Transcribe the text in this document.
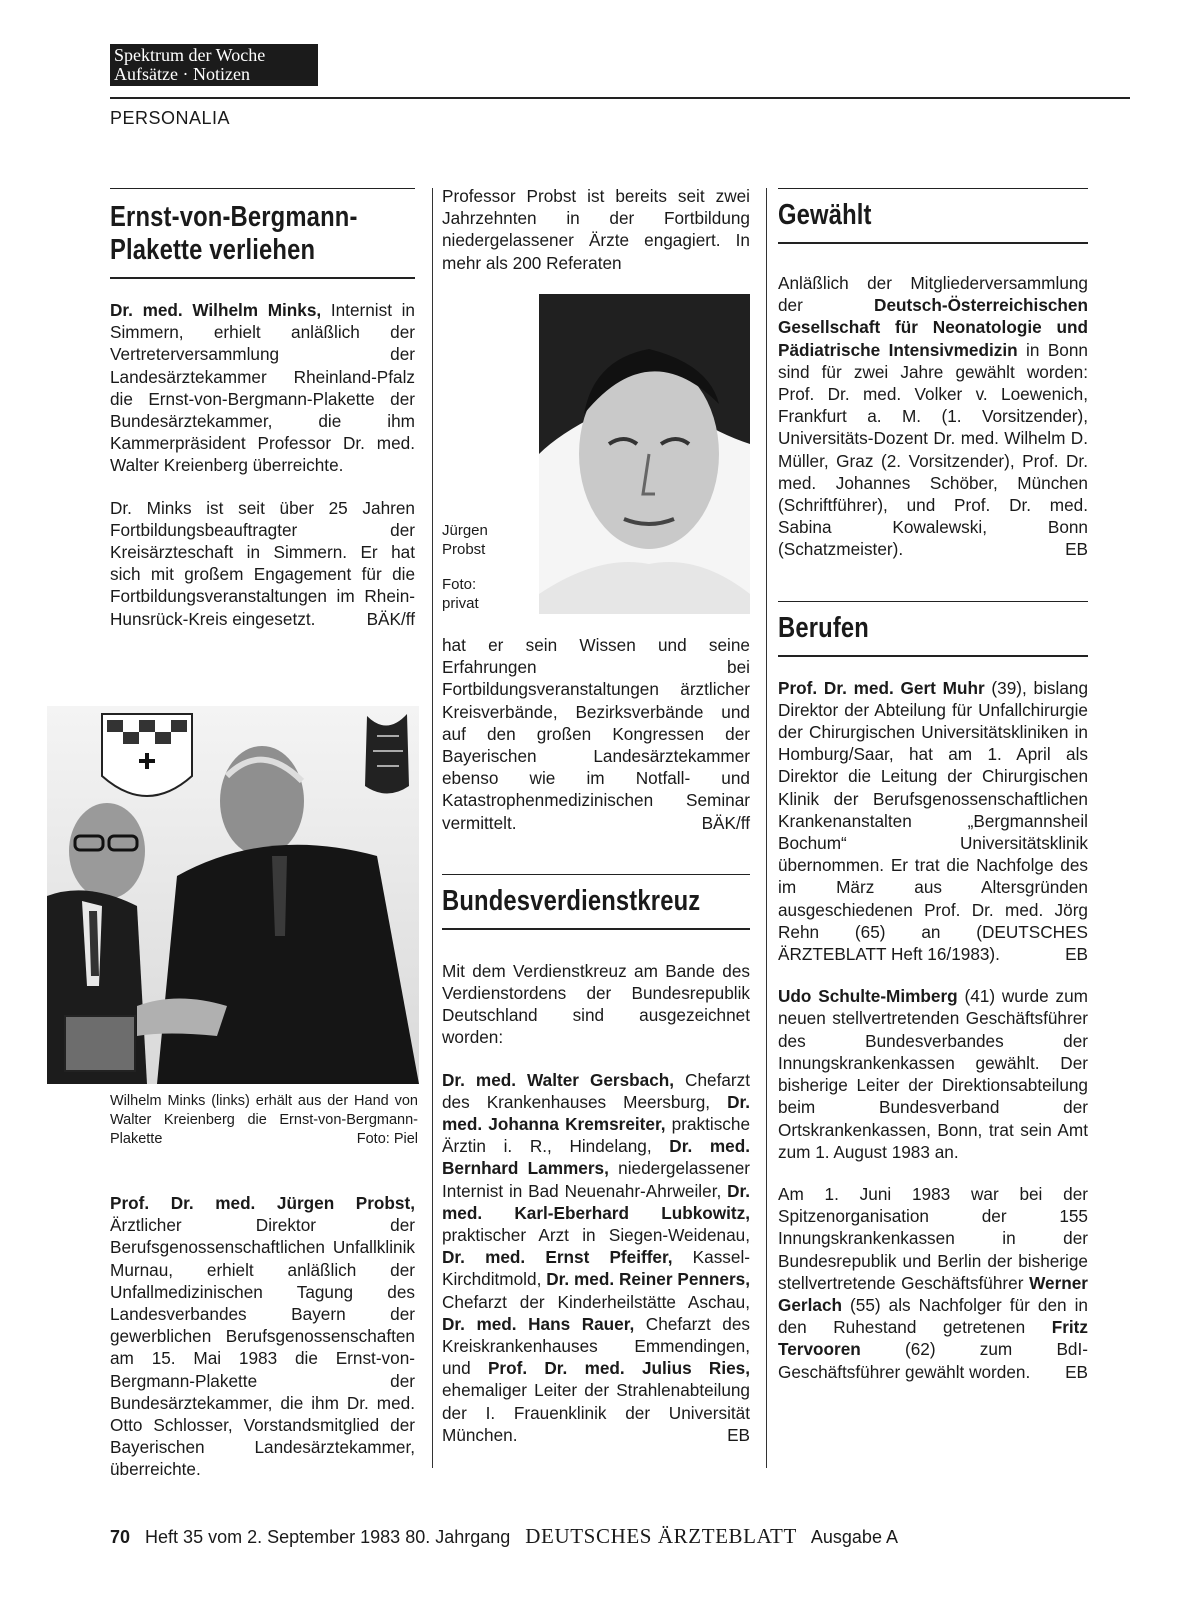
Spektrum der Woche
Aufsätze · Notizen
PERSONALIA
Ernst-von-Bergmann-
Plakette verliehen

Dr. med. Wilhelm Minks, Internist in Simmern, erhielt anläßlich der Vertreterversammlung der Landesärztekammer Rheinland-Pfalz die Ernst-von-Bergmann-Plakette der Bundesärztekammer, die ihm Kammerpräsident Professor Dr. med. Walter Kreienberg überreichte.

Dr. Minks ist seit über 25 Jahren Fortbildungsbeauftragter der Kreisärzteschaft in Simmern. Er hat sich mit großem Engagement für die Fortbildungsveranstaltungen im Rhein-Hunsrück-Kreis eingesetzt.	BÄK/ff

Wilhelm Minks (links) erhält aus der Hand von Walter Kreienberg die Ernst-von-Bergmann-Plakette	Foto: Piel

Prof. Dr. med. Jürgen Probst, Ärztlicher Direktor der Berufsgenossenschaftlichen Unfallklinik Murnau, erhielt anläßlich der Unfallmedizinischen Tagung des Landesverbandes Bayern der gewerblichen Berufsgenossenschaften am 15. Mai 1983 die Ernst-von-Bergmann-Plakette der Bundesärztekammer, die ihm Dr. med. Otto Schlosser, Vorstandsmitglied der Bayerischen Landesärztekammer, überreichte.

Professor Probst ist bereits seit zwei Jahrzehnten in der Fortbildung niedergelassener Ärzte engagiert. In mehr als 200 Referaten

Jürgen
Probst
Foto:
privat

hat er sein Wissen und seine Erfahrungen bei Fortbildungsveranstaltungen ärztlicher Kreisverbände, Bezirksverbände und auf den großen Kongressen der Bayerischen Landesärztekammer ebenso wie im Notfall- und Katastrophenmedizinischen Seminar vermittelt.	BÄK/ff

Bundesverdienstkreuz

Mit dem Verdienstkreuz am Bande des Verdienstordens der Bundesrepublik Deutschland sind ausgezeichnet worden:

Dr. med. Walter Gersbach, Chefarzt des Krankenhauses Meersburg, Dr. med. Johanna Kremsreiter, praktische Ärztin i. R., Hindelang, Dr. med. Bernhard Lammers, niedergelassener Internist in Bad Neuenahr-Ahrweiler, Dr. med. Karl-Eberhard Lubkowitz, praktischer Arzt in Siegen-Weidenau, Dr. med. Ernst Pfeiffer, Kassel-Kirchditmold, Dr. med. Reiner Penners, Chefarzt der Kinderheilstätte Aschau, Dr. med. Hans Rauer, Chefarzt des Kreiskrankenhauses Emmendingen, und Prof. Dr. med. Julius Ries, ehemaliger Leiter der Strahlenabteilung der I. Frauenklinik der Universität München.	EB

Gewählt

Anläßlich der Mitgliederversammlung der Deutsch-Österreichischen Gesellschaft für Neonatologie und Pädiatrische Intensivmedizin in Bonn sind für zwei Jahre gewählt worden: Prof. Dr. med. Volker v. Loewenich, Frankfurt a. M. (1. Vorsitzender), Universitäts-Dozent Dr. med. Wilhelm D. Müller, Graz (2. Vorsitzender), Prof. Dr. med. Johannes Schöber, München (Schriftführer), und Prof. Dr. med. Sabina Kowalewski, Bonn (Schatzmeister).	EB

Berufen

Prof. Dr. med. Gert Muhr (39), bislang Direktor der Abteilung für Unfallchirurgie der Chirurgischen Universitätskliniken in Homburg/Saar, hat am 1. April als Direktor die Leitung der Chirurgischen Klinik der Berufsgenossenschaftlichen Krankenanstalten „Bergmannsheil Bochum“ Universitätsklinik übernommen. Er trat die Nachfolge des im März aus Altersgründen ausgeschiedenen Prof. Dr. med. Jörg Rehn (65) an (DEUTSCHES ÄRZTEBLATT Heft 16/1983).	EB

Udo Schulte-Mimberg (41) wurde zum neuen stellvertretenden Geschäftsführer des Bundesverbandes der Innungskrankenkassen gewählt. Der bisherige Leiter der Direktionsabteilung beim Bundesverband der Ortskrankenkassen, Bonn, trat sein Amt zum 1. August 1983 an.

Am 1. Juni 1983 war bei der Spitzenorganisation der 155 Innungskrankenkassen in der Bundesrepublik und Berlin der bisherige stellvertretende Geschäftsführer Werner Gerlach (55) als Nachfolger für den in den Ruhestand getretenen Fritz Tervooren (62) zum BdI-Geschäftsführer gewählt worden. EB

70 Heft 35 vom 2. September 1983 80. Jahrgang DEUTSCHES ÄRZTEBLATT Ausgabe A
